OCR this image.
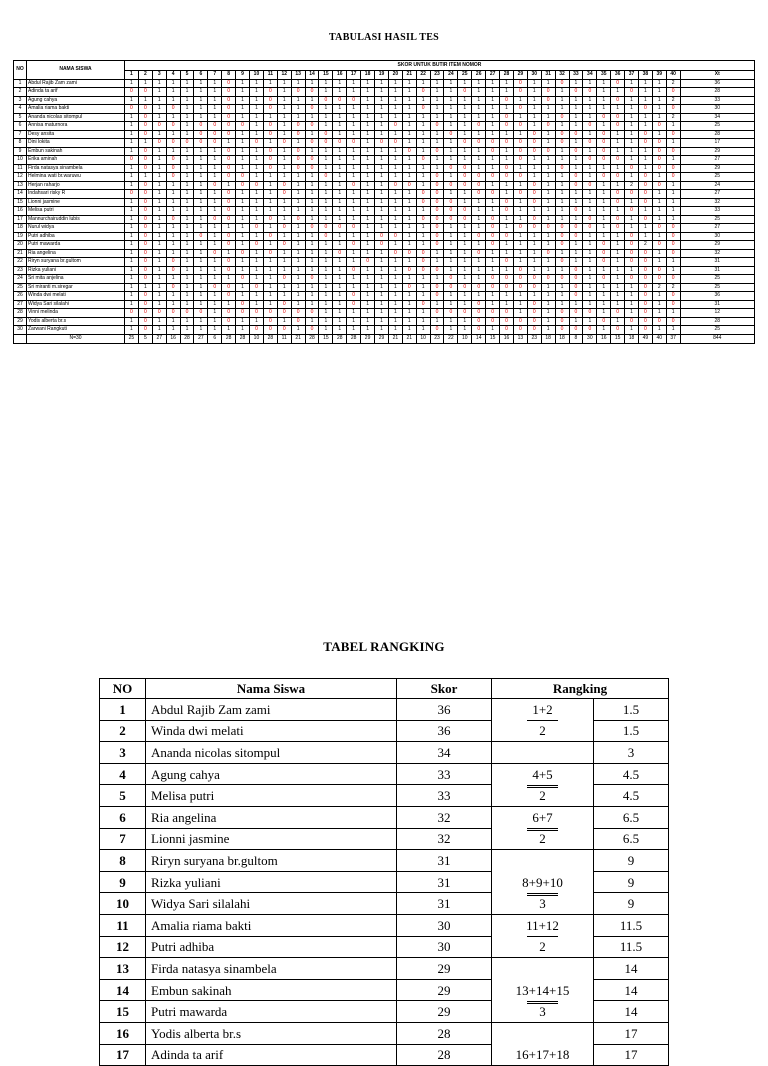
TABULASI HASIL TES
NO	NAMA SISWA	SKOR UNTUK BUTIR ITEM NOMOR																																								
		1	2	3	4	5	6	7	8	9	10	11	12	13	14	15	16	17	18	19	20	21	22	23	24	25	26	27	28	29	30	31	32	33	34	35	36	37	38	39	40	Xt
1	Abdul Rajib Zam zami	1	1	1	1	1	1	1	0	1	1	1	1	1	1	1	1	1	1	1	1	1	1	1	1	1	1	1	1	0	1	1	0	1	1	1	0	1	1	1	2	36
2	Adinda ta arif	0	0	1	1	1	1	1	0	1	1	0	1	0	0	1	1	1	1	1	1	1	0	1	1	0	1	1	1	0	1	0	1	0	0	1	1	0	1	1	0	28
3	Agung cahya	1	1	1	1	1	1	1	0	1	1	0	1	1	1	0	0	0	1	1	1	1	1	1	1	1	1	1	0	1	1	0	1	1	1	1	0	1	1	1	2	33
4	Amalia riama bakti	0	0	1	0	1	1	1	0	1	1	0	1	1	0	1	1	1	1	1	1	1	0	1	1	1	1	1	1	0	1	1	1	1	1	1	1	1	0	1	0	30
5	Ananda nicolas sitompul	1	0	1	1	1	1	1	0	1	1	1	1	1	1	1	1	1	1	1	1	1	1	1	1	1	1	1	0	1	1	1	0	1	1	0	0	1	1	1	2	34
6	Annisa maturnora	1	0	0	0	1	0	0	0	0	1	0	1	0	0	1	1	1	1	1	0	1	1	0	1	1	0	1	0	0	1	0	1	1	0	1	0	1	1	0	1	25
7	Desy ansita	1	0	1	1	1	0	0	0	1	1	0	1	0	1	0	1	1	1	1	1	1	1	1	0	1	1	1	1	1	0	1	0	0	1	0	1	1	0	1	0	28
8	Dini lokita	1	1	0	0	0	0	0	1	1	0	1	0	1	0	0	0	0	1	0	0	1	1	1	1	0	0	0	0	0	0	1	0	1	0	0	1	1	0	0	1	17
9	Embun sakinah	1	0	1	1	1	1	1	0	1	1	0	1	0	1	1	1	1	1	1	1	0	1	0	1	1	1	0	1	0	0	0	1	0	1	0	1	1	1	0	0	29
10	Erika aminah	0	0	1	0	1	1	1	0	1	1	0	1	0	0	1	1	1	1	1	1	1	0	1	1	1	1	1	1	0	1	1	1	1	0	0	0	1	1	0	1	27
11	Firda natasya sinambela	1	0	1	0	1	1	1	0	1	1	0	1	0	0	1	1	1	1	1	1	1	1	1	0	0	1	1	0	1	1	1	0	1	1	1	1	0	1	0	0	29
12	Helmina wati br.waruwu	1	1	1	0	1	1	1	0	0	1	1	1	1	1	0	1	1	1	1	1	1	1	0	1	0	0	0	0	0	1	1	1	0	1	0	0	1	0	1	0	25
13	Herjan raharjo	1	0	1	1	1	1	0	1	0	0	1	0	1	1	1	1	0	1	1	0	0	1	0	0	0	0	1	1	1	0	1	1	0	0	1	1	2	0	0	1	24
14	Indahsari risky R	0	0	1	1	1	1	1	0	1	1	1	0	1	1	1	1	1	1	1	1	1	0	0	1	1	0	0	1	0	0	1	1	1	1	1	0	0	0	1	1	27
15	Lionni jasmine	1	0	1	1	1	1	1	0	1	1	1	1	1	1	1	1	1	1	1	1	1	0	0	0	1	1	1	0	1	0	1	1	1	1	1	0	1	0	1	1	32
16	Melisa putri	1	0	1	1	1	1	1	0	1	1	1	1	1	1	1	1	1	1	1	1	1	1	0	0	0	1	1	0	1	1	1	1	0	1	1	1	0	1	1	1	33
17	Mannurchairuddin lubis	1	0	1	0	1	1	0	0	1	1	0	1	0	1	1	1	1	1	1	1	1	0	0	0	0	1	0	1	1	0	1	1	1	0	1	0	1	0	1	1	25
18	Nurul widya	1	0	1	1	1	1	1	1	1	0	1	0	1	0	0	0	0	1	1	1	1	1	0	1	1	1	0	1	0	0	0	0	0	0	1	0	1	1	0	0	27
19	Putri adhiba	1	0	1	1	1	0	1	0	1	1	0	1	1	1	0	1	1	1	0	0	1	1	0	1	1	0	0	0	1	1	1	0	0	1	1	1	0	1	1	0	30
20	Putri mawarda	1	0	1	1	1	1	1	0	1	0	1	0	1	1	1	1	0	1	0	1	1	1	0	1	1	1	0	1	1	1	1	0	1	1	0	1	0	2	0	0	29
21	Ria angelina	1	0	1	1	1	1	0	1	0	1	0	1	1	1	1	0	1	1	1	0	0	0	1	1	1	0	1	1	1	1	0	1	1	1	0	1	0	0	1	0	32
22	Riryn suryana br.gultom	1	0	1	0	1	1	1	0	1	1	1	1	1	1	1	1	1	0	1	1	1	0	1	1	1	1	1	0	1	1	1	0	1	1	0	1	0	0	1	1	31
23	Rizka yuliani	1	0	1	0	1	1	1	0	1	1	1	1	1	1	1	1	0	1	1	1	0	0	0	1	1	1	1	1	0	1	1	1	0	1	1	1	1	0	0	1	31
24	Sri mita anjelina	1	0	1	1	1	1	1	1	0	1	1	0	1	0	1	1	1	1	1	1	1	1	1	0	1	1	0	0	0	0	0	0	0	1	0	1	0	0	0	0	25
25	Sri miranti m.siregar	1	1	1	0	1	1	0	0	1	0	1	1	1	1	1	1	1	1	1	1	0	1	0	0	0	0	0	0	0	0	1	1	0	1	1	1	1	0	2	2	25
26	Winda dwi melati	1	0	1	1	1	1	1	0	1	1	1	1	1	1	1	1	0	1	1	1	1	1	0	1	1	1	1	1	1	1	1	1	0	1	1	1	1	0	1	0	36
27	Widya Sari silalahi	1	0	1	1	1	1	1	1	0	1	1	0	1	1	1	1	0	1	1	1	1	0	1	1	1	0	1	1	1	0	1	1	1	1	1	1	1	0	1	0	31
28	Vinni melinda	0	0	0	0	0	0	1	0	0	0	0	0	0	0	1	1	1	1	1	1	1	1	0	0	0	0	0	0	1	0	1	0	0	0	1	0	1	0	1	1	12
29	Yodis alberta br.s	1	0	1	1	1	1	1	0	1	1	0	1	0	1	1	1	1	1	1	1	1	1	1	1	1	0	0	0	0	0	1	0	1	1	0	1	0	0	0	0	28
30	Zarwani Rangkuti	1	0	1	1	1	1	1	1	1	0	0	0	1	0	1	1	1	1	1	1	1	1	0	1	1	0	1	0	0	0	1	0	0	0	1	0	1	0	1	1	25
	N=30	25	5	27	16	28	27	6	28	28	10	28	11	21	28	15	28	28	29	29	21	21	10	23	22	10	14	15	16	13	23	18	18	8	30	16	15	18	49	40	37	844
TABEL RANGKING
NO	Nama Siswa	Skor	Rangking	
1	Abdul Rajib Zam zami	36	1+2	1.5
2	Winda dwi melati	36	2	1.5
3	Ananda nicolas sitompul	34		3
4	Agung cahya	33	4+5	4.5
5	Melisa putri	33	2	4.5
6	Ria angelina	32	6+7	6.5
7	Lionni jasmine	32	2	6.5
8	Riryn suryana br.gultom	31		9
9	Rizka yuliani	31	8+9+10	9
10	Widya Sari silalahi	31	3	9
11	Amalia riama bakti	30	11+12	11.5
12	Putri adhiba	30	2	11.5
13	Firda natasya sinambela	29		14
14	Embun sakinah	29	13+14+15	14
15	Putri mawarda	29	3	14
16	Yodis alberta br.s	28		17
17	Adinda ta arif	28	16+17+18	17
